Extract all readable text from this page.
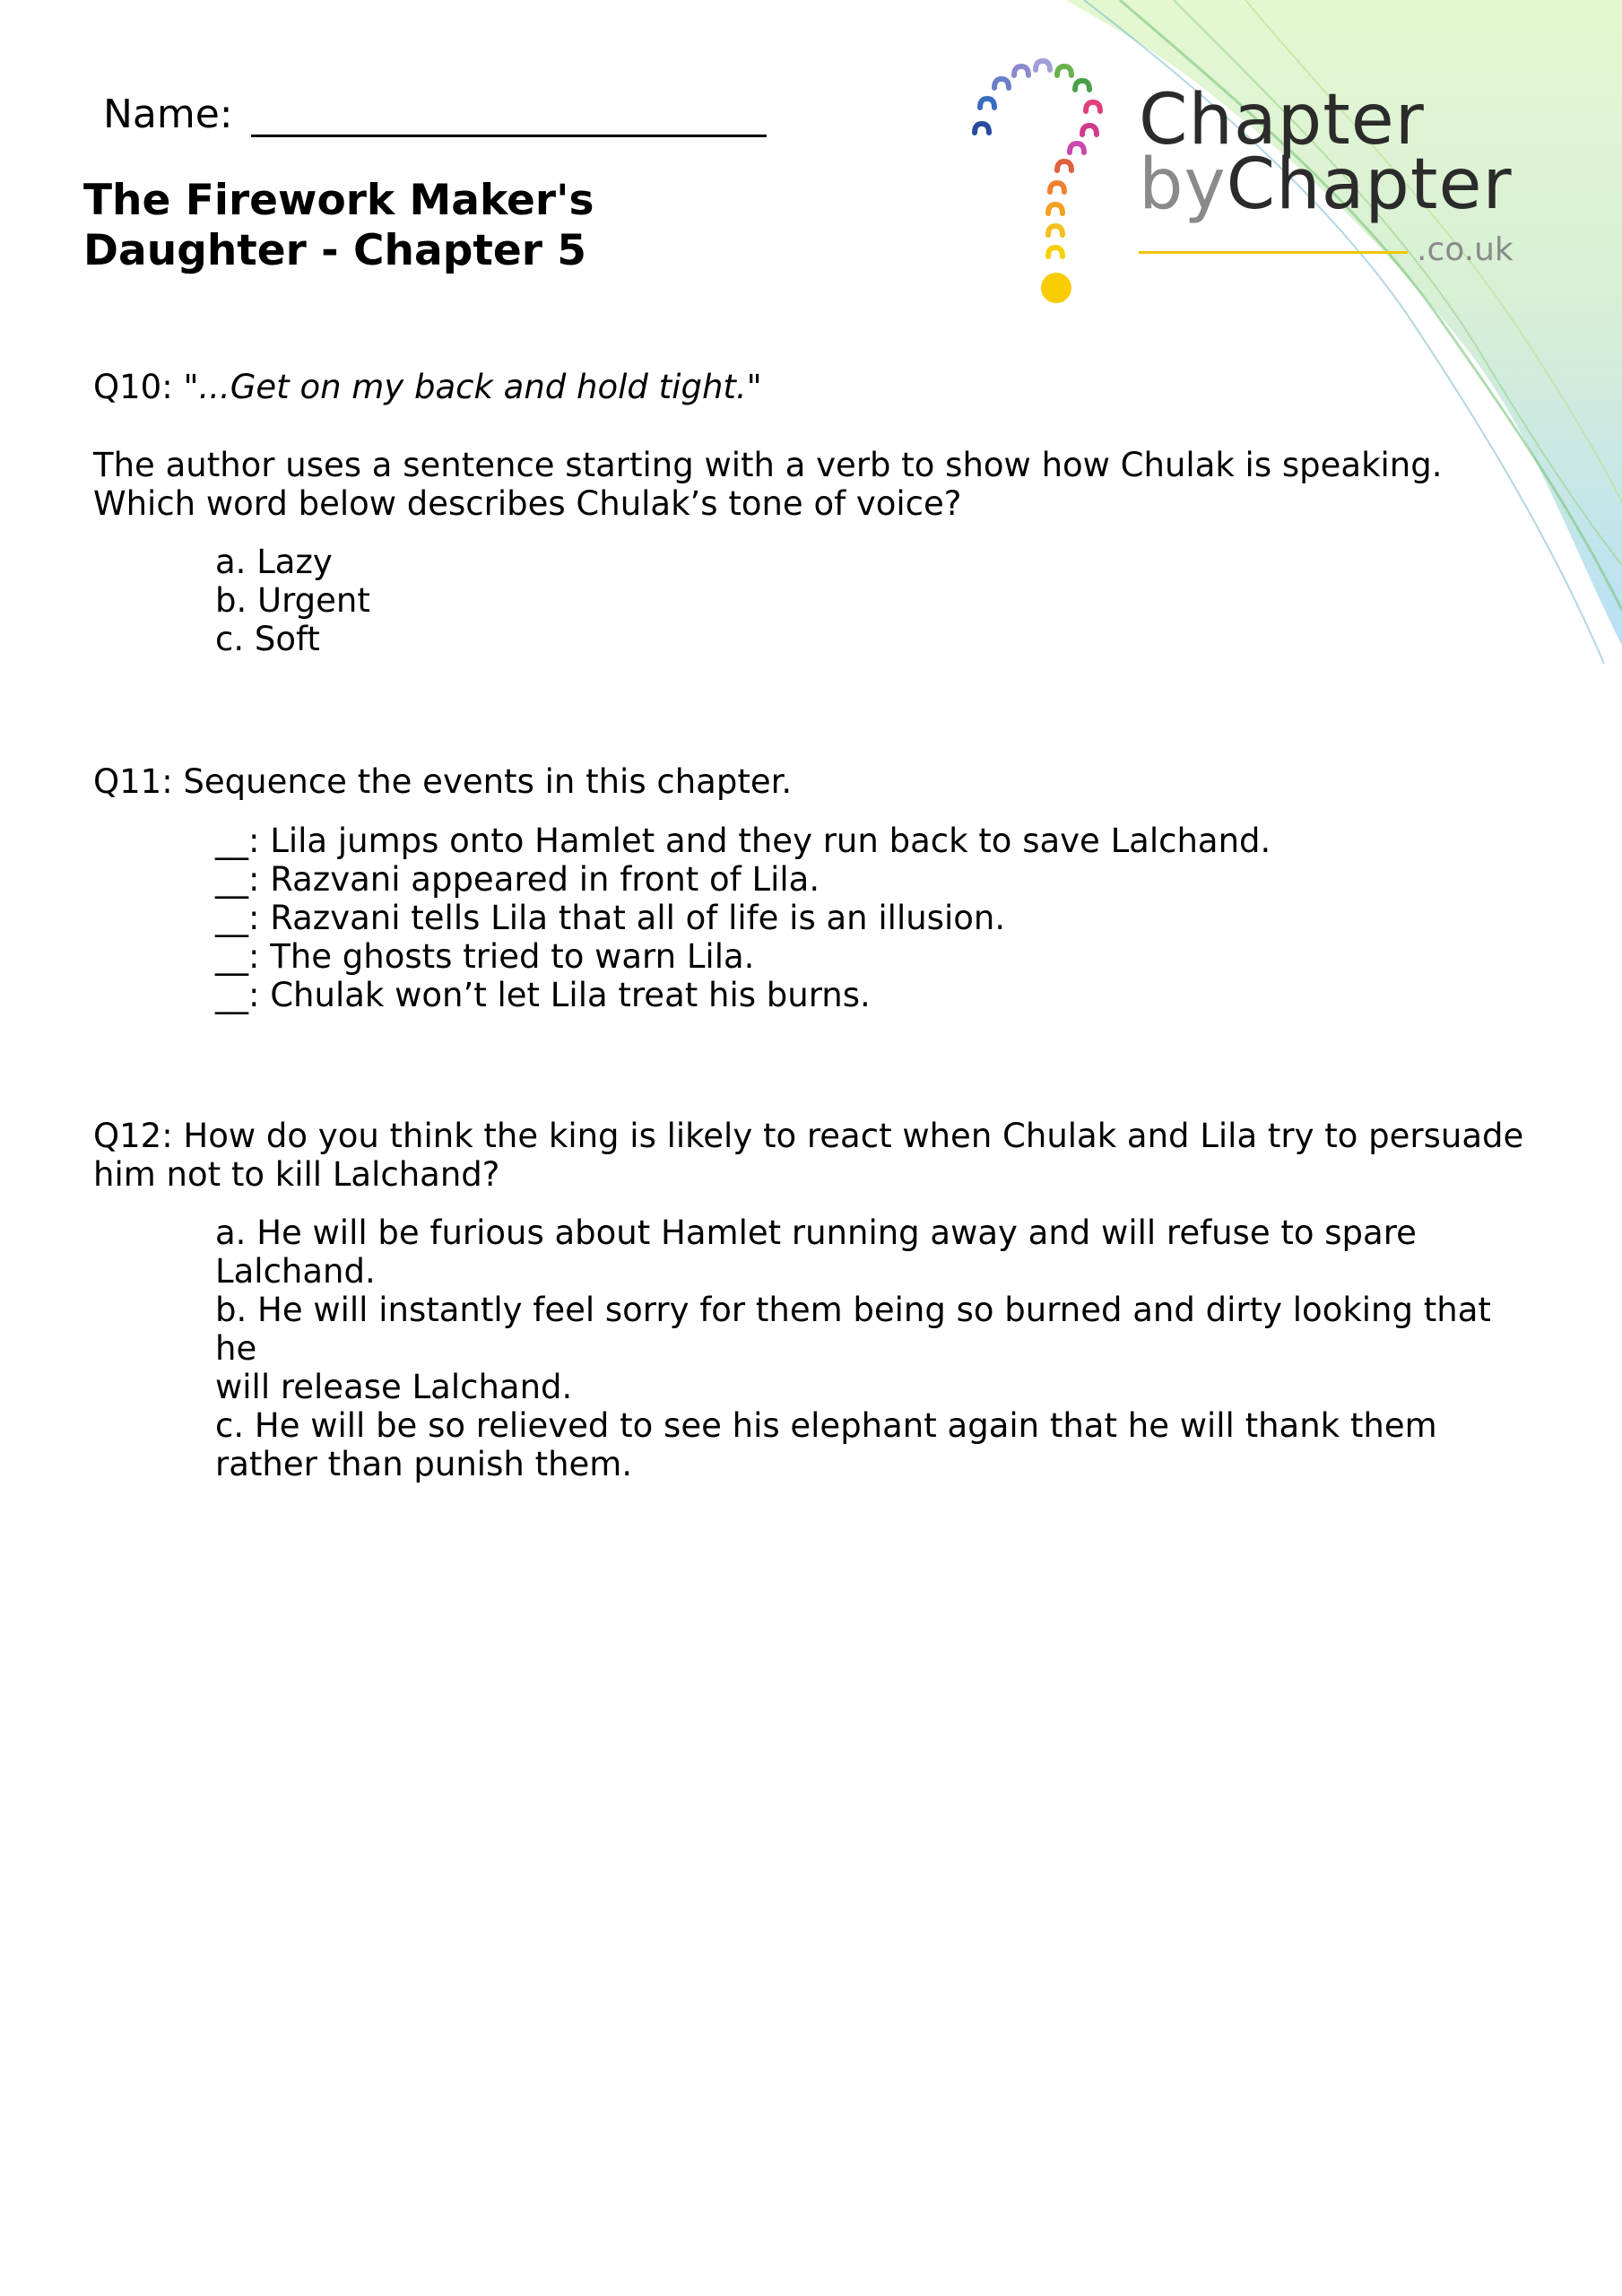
Name:
The Firework Maker's
Daughter - Chapter 5
Chapter
byChapter
.co.uk
Q10: "...Get on my back and hold tight."
The author uses a sentence starting with a verb to show how Chulak is speaking.
Which word below describes Chulak’s tone of voice?
a. Lazy
b. Urgent
c. Soft
Q11: Sequence the events in this chapter.
__: Lila jumps onto Hamlet and they run back to save Lalchand.
__: Razvani appeared in front of Lila.
__: Razvani tells Lila that all of life is an illusion.
__: The ghosts tried to warn Lila.
__: Chulak won’t let Lila treat his burns.
Q12: How do you think the king is likely to react when Chulak and Lila try to persuade
him not to kill Lalchand?
a. He will be furious about Hamlet running away and will refuse to spare
Lalchand.
b. He will instantly feel sorry for them being so burned and dirty looking that he
will release Lalchand.
c. He will be so relieved to see his elephant again that he will thank them
rather than punish them.
